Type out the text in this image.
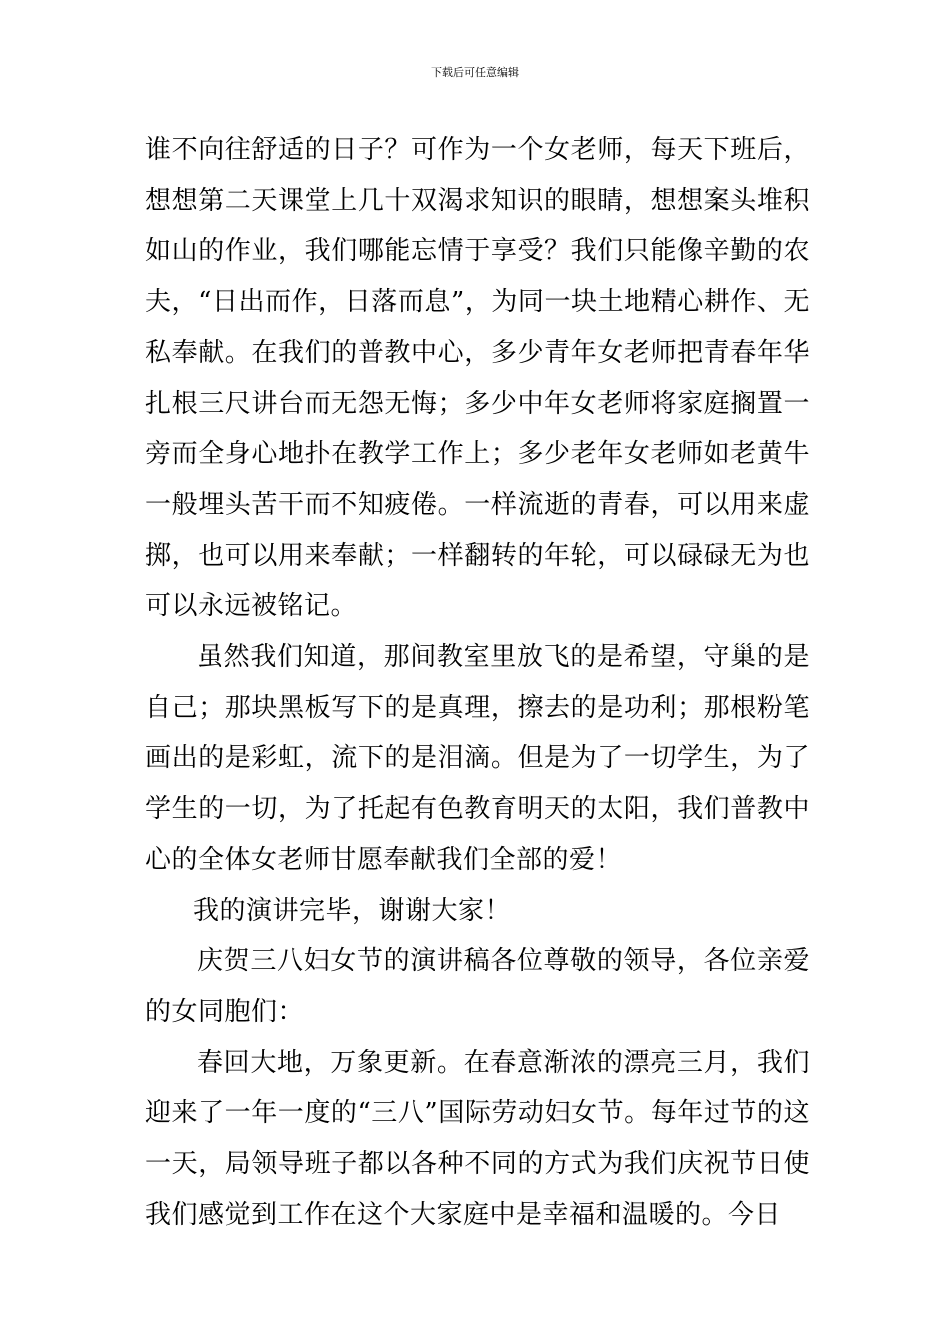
下载后可任意编辑

谁不向往舒适的日子？可作为一个女老师，每天下班后，想想第二天课堂上几十双渴求知识的眼睛，想想案头堆积如山的作业，我们哪能忘情于享受？我们只能像辛勤的农夫，“日出而作，日落而息”，为同一块土地精心耕作、无私奉献。在我们的普教中心，多少青年女老师把青春年华扎根三尺讲台而无怨无悔；多少中年女老师将家庭搁置一旁而全身心地扑在教学工作上；多少老年女老师如老黄牛一般埋头苦干而不知疲倦。一样流逝的青春，可以用来虚掷，也可以用来奉献；一样翻转的年轮，可以碌碌无为也可以永远被铭记。

虽然我们知道，那间教室里放飞的是希望，守巢的是自己；那块黑板写下的是真理，擦去的是功利；那根粉笔画出的是彩虹，流下的是泪滴。但是为了一切学生，为了学生的一切，为了托起有色教育明天的太阳，我们普教中心的全体女老师甘愿奉献我们全部的爱！

我的演讲完毕，谢谢大家！

庆贺三八妇女节的演讲稿各位尊敬的领导，各位亲爱的女同胞们：

春回大地，万象更新。在春意渐浓的漂亮三月，我们迎来了一年一度的“三八”国际劳动妇女节。每年过节的这一天，局领导班子都以各种不同的方式为我们庆祝节日使我们感觉到工作在这个大家庭中是幸福和温暖的。今日
